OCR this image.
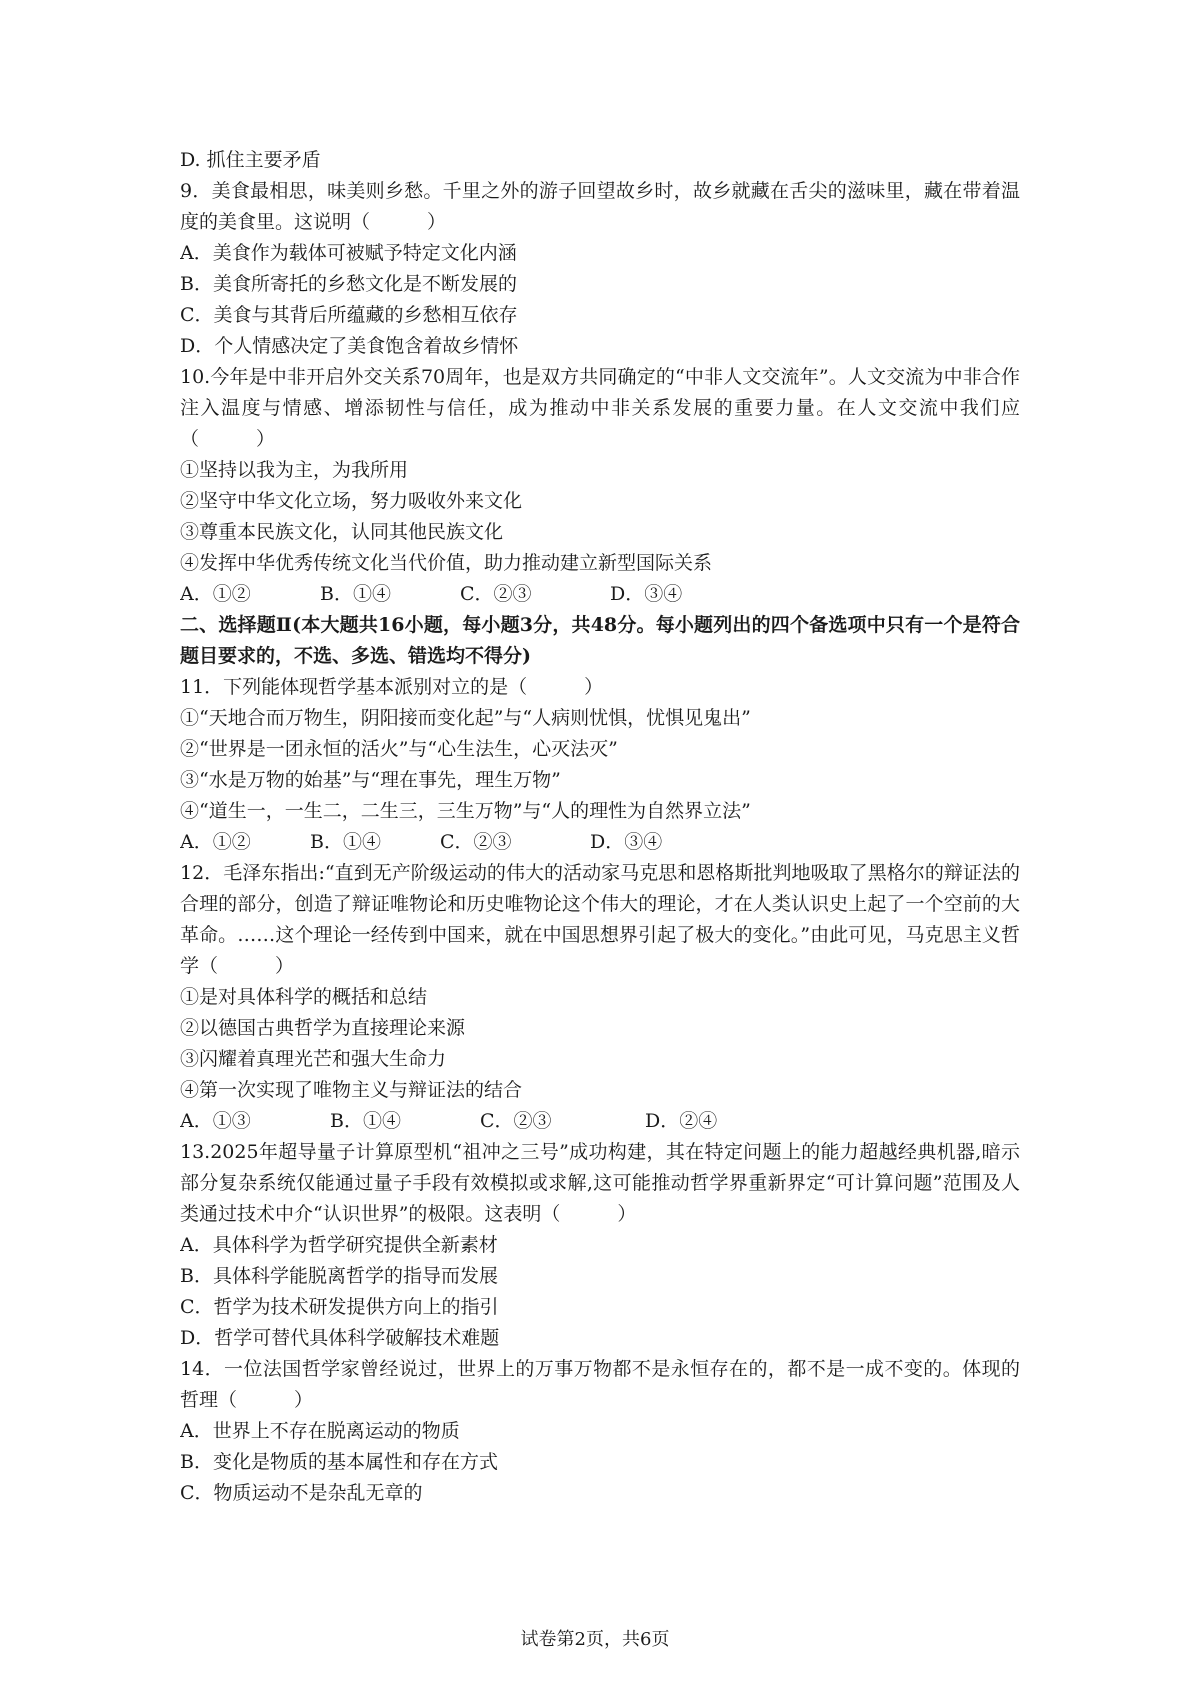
D. 抓住主要矛盾
9．美食最相思，味美则乡愁。千里之外的游子回望故乡时，故乡就藏在舌尖的滋味里，藏在带着温度的美食里。这说明（　　　）
A．美食作为载体可被赋予特定文化内涵
B．美食所寄托的乡愁文化是不断发展的
C．美食与其背后所蕴藏的乡愁相互依存
D．个人情感决定了美食饱含着故乡情怀
10.今年是中非开启外交关系70周年，也是双方共同确定的“中非人文交流年”。人文交流为中非合作注入温度与情感、增添韧性与信任，成为推动中非关系发展的重要力量。在人文交流中我们应（　　　）
①坚持以我为主，为我所用
②坚守中华文化立场，努力吸收外来文化
③尊重本民族文化，认同其他民族文化
④发挥中华优秀传统文化当代价值，助力推动建立新型国际关系
A．①②	B．①④	C．②③	D．③④
二、选择题Ⅱ(本大题共16小题，每小题3分，共48分。每小题列出的四个备选项中只有一个是符合题目要求的，不选、多选、错选均不得分)
11．下列能体现哲学基本派别对立的是（　　　）
①“天地合而万物生，阴阳接而变化起”与“人病则忧惧，忧惧见鬼出”
②“世界是一团永恒的活火”与“心生法生，心灭法灭”
③“水是万物的始基”与“理在事先，理生万物”
④“道生一，一生二，二生三，三生万物”与“人的理性为自然界立法”
A．①②	B．①④	C．②③	D．③④
12．毛泽东指出:“直到无产阶级运动的伟大的活动家马克思和恩格斯批判地吸取了黑格尔的辩证法的合理的部分，创造了辩证唯物论和历史唯物论这个伟大的理论，才在人类认识史上起了一个空前的大革命。……这个理论一经传到中国来，就在中国思想界引起了极大的变化。”由此可见，马克思主义哲学（　　　）
①是对具体科学的概括和总结
②以德国古典哲学为直接理论来源
③闪耀着真理光芒和强大生命力
④第一次实现了唯物主义与辩证法的结合
A．①③	B．①④	C．②③	D．②④
13.2025年超导量子计算原型机“祖冲之三号”成功构建，其在特定问题上的能力超越经典机器,暗示部分复杂系统仅能通过量子手段有效模拟或求解,这可能推动哲学界重新界定“可计算问题”范围及人类通过技术中介“认识世界”的极限。这表明（　　　）
A．具体科学为哲学研究提供全新素材
B．具体科学能脱离哲学的指导而发展
C．哲学为技术研发提供方向上的指引
D．哲学可替代具体科学破解技术难题
14．一位法国哲学家曾经说过，世界上的万事万物都不是永恒存在的，都不是一成不变的。体现的哲理（　　　）
A．世界上不存在脱离运动的物质
B．变化是物质的基本属性和存在方式
C．物质运动不是杂乱无章的
试卷第2页，共6页
